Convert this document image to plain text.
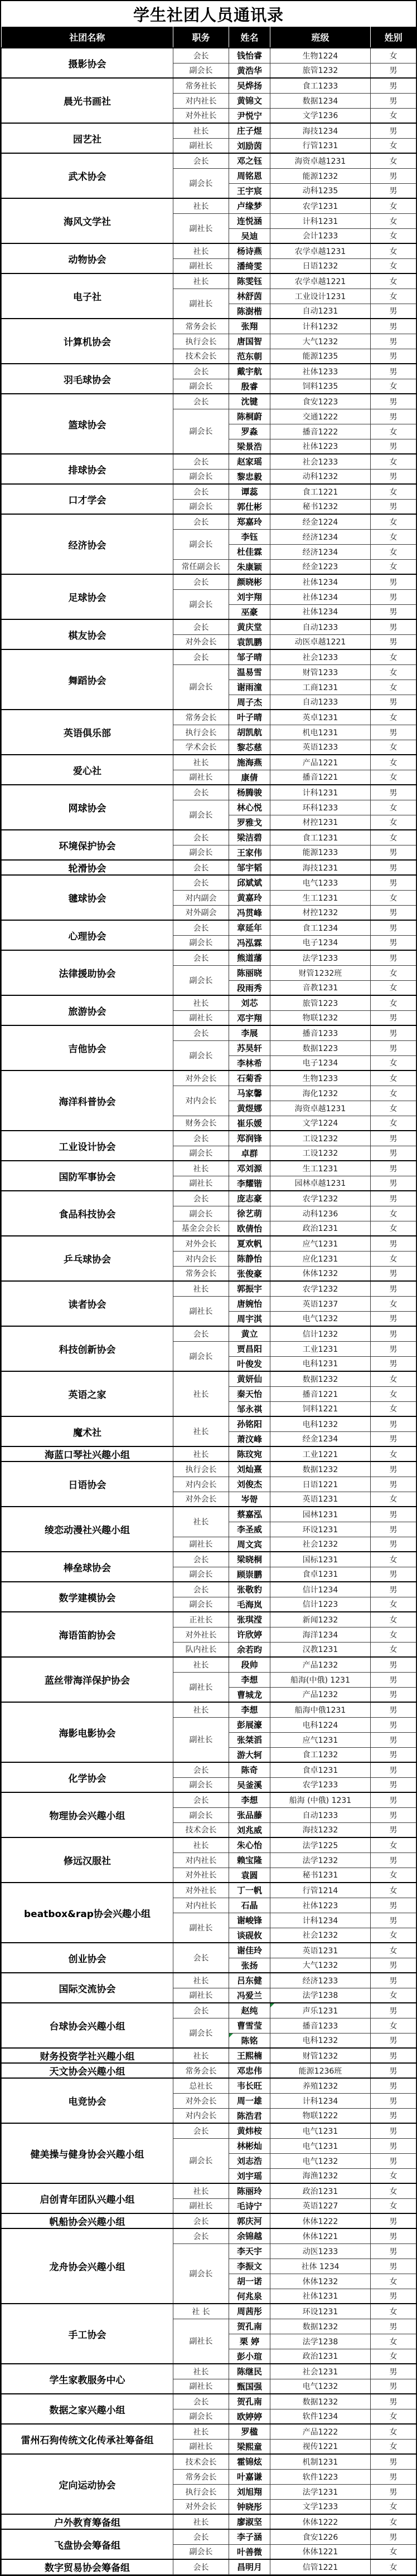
学生社团人员通讯录
社团名称	职务	姓名	班级	姓别
摄影协会	会长	钱怡睿	生物1224	女
	副会长	黄浩华	旅管1232	男
晨光书画社	常务社长	吴烨扬	食工1233	男
	对内社长	黄锦文	数据1234	男
	对外社长	尹悦宁	文学1236	女
园艺社	社长	庄子煜	海技1234	男
	副社长	刘励茵	行管1231	女
武术协会	会长	邓之钰	海资卓越1231	女
	副会长	周铭恩	能源1232	男
		王宇宸	动科1235	男
海风文学社	社长	卢缘梦	农学1231	女
	副社长	连悦涵	计科1231	女
		吴迪	会计1233	女
动物协会	社长	杨诗燕	农学卓越1231	女
	副社长	潘绮雯	日语1232	女
电子社	社长	陈雯钰	农学卓越1221	女
	副社长	林舒茵	工业设计1231	女
		陈澍楷	自动1231	男
计算机协会	常务会长	张翔	计科1232	男
	执行会长	唐国智	大气1232	男
	技术会长	范东朝	能源1235	男
羽毛球协会	会长	戴宇航	社体1233	男
	副会长	殷睿	饲料1235	女
篮球协会	会长	沈键	食安1223	男
	副会长	陈桐蔚	交通1222	男
		罗淼	播音1222	女
		梁景浩	社体1223	男
排球协会	会长	赵家瑶	社会1233	女
	副会长	黎忠毅	动科1232	男
口才学会	会长	谭蕊	食工1221	女
	副会长	郭仕彬	秘书1232	男
经济协会	会长	郑嘉玲	经金1224	女
	副会长	李钰	经济1234	女
		杜佳霖	经济1234	女
	常任副会长	朱康颖	经金1223	女
足球协会	会长	颜晓彬	社体1234	男
	副会长	刘宇翔	社体1234	男
		巫豪	社体1234	男
棋友协会	会长	黄庆堂	自动1233	男
	对外会长	袁凯鹏	动医卓越1221	男
舞蹈协会	会长	邹子晴	社会1233	女
	副会长	温易雪	财管1233	女
		谢雨潼	工商1231	女
		周子杰	自动1233	男
英语俱乐部	常务会长	叶子晴	英卓1231	女
	执行会长	胡凯航	机电1231	男
	学术会长	黎芯慈	英语1233	女
爱心社	社长	施海燕	产品1221	女
	副社长	康倩	播音1221	女
网球协会	会长	杨腾骏	计科1231	男
	副会长	林心悦	环科1233	女
		罗雅戈	材控1231	女
环境保护协会	会长	梁洁碧	食工1231	女
	副会长	王家伟	能源1233	男
轮滑协会	会长	邹宇韬	海技1231	男
毽球协会	会长	邱斌斌	电气1233	男
	对内副会	黄嘉玲	生工1231	女
	对外副会	冯贯峰	材控1232	男
心理协会	会长	章延年	食工1234	男
	副会长	冯泓霖	电子1234	男
法律援助协会	会长	熊道藩	法学1233	男
	副会长	陈丽晓	财管1232班	女
		段雨秀	音教1231	女
旅游协会	社长	刘芯	旅管1223	女
	副社长	邓宇翔	物联1232	男
吉他协会	会长	李展	播音1233	男
	副会长	苏昊轩	数据1223	男
		李林希	电子1234	女
海洋科普协会	对外会长	石菊香	生物1233	女
	对内会长	马家馨	海化1232	女
		黄煜娜	海资卓越1231	女
	财务会长	崔乐媛	文学1224	女
工业设计协会	会长	郑润锋	工设1232	男
	副会长	卓群	工设1232	男
国防军事协会	社长	邓刘源	生工1231	男
	副社长	李耀锴	园林卓越1231	男
食品科技协会	会长	庞志豪	农学1232	男
	副会长	徐艺萌	动科1236	女
	基金会会长	欧倩怡	政治1231	女
乒乓球协会	对外会长	夏欢帆	应气1231	男
	对内会长	陈静怡	应化1231	女
	常务会长	张俊豪	休体1232	男
读者协会	社长	郭振宇	农学1232	男
	副社长	唐婉怡	英语1237	女
		周宇淇	电气1232	男
科技创新协会	会长	黄立	信计1232	男
	副会长	贾昌阳	工业1231	男
		叶俊发	电科1231	男
英语之家	社长	黄妍仙	数据1232	女
		秦天怡	播音1221	女
		邹永祺	饲料1221	女
魔术社	社长	孙铭阳	电科1232	男
		萧汶峰	经金1234	男
海蓝口琴社兴趣小组	社长	陈玟宛	工业1221	女
日语协会	执行会长	刘灿熹	数据1232	男
	对内会长	刘俊杰	日语1221	男
	对外会长	岑哿	英语1231	女
绫恋动漫社兴趣小组	社长	蔡嘉泓	园林1231	男
		李圣威	环设1231	男
	副社长	周文宾	社会1232	男
棒垒球协会	会长	梁晓桐	国标1231	女
	副会长	顾崇鹏	食卓1231	男
数学建模协会	会长	张敬豹	信计1234	男
	副会长	毛海岚	信计1223	女
海语笛韵协会	正社长	张琪滢	新闻1232	女
	对外社长	许欣婷	海洋1234	女
	队内社长	余若昀	汉教1231	女
蓝丝带海洋保护协会	社长	段帅	产品1232	男
	副社长	李想	船海(中俄) 1231	男
		曹城龙	产品1232	男
海影电影协会	社长	李想	船海中俄1231	男
	副社长	彭展濠	电科1224	男
		张桀滔	应气1231	男
		游大轲	食工1232	男
化学协会	会长	陈奇	食卓1231	男
	副会长	吴釜溪	农学1233	男
物理协会兴趣小组	会长	李想	船海 (中俄) 1231	男
	副会长	张品藤	自动1233	男
	技术会长	刘兆威	海技1232	男
修远汉服社	社长	朱心怡	法学1225	女
	对内社长	赖宝隆	法学1232	男
	对外社长	袁圆	秘书1231	女
beatbox&rap协会兴趣小组	对外社长	丁一帆	行管1214	女
	对内社长	石晶	社体1223	男
	副社长	谢峻锋	计科1234	男
		谈砚攸	社会1232	女
创业协会	会长	谢佳玲	英语1231	女
		张扬	大气1232	男
国际交流协会	社长	吕东健	经济1233	男
	副社长	冯爱兰	法学1238	女
台球协会兴趣小组	会长	赵纯	声乐1231	男
	副会长	曹雪莹	播音1233	女
		陈铭	电科1232	男
财务投资学社兴趣小组	社长	王熙楠	财管1232	男
天文协会兴趣小组	常务会长	邓忠伟	能源1236班	男
电竞协会	总社长	韦长旺	养殖1232	男
	对外会长	周一雄	计科1234	男
	对内会长	陈浩君	物联1222	男
健美操与健身协会兴趣小组	会长	黄炜桉	电气1231	男
	副会长	林彬灿	电气1231	男
		刘志浩	电气1232	男
		刘宇瑶	海渔1232	女
启创青年团队兴趣小组	社长	陈丽玲	政治1231	女
	副社长	毛诗宁	英语1227	女
帆船协会兴趣小组	会长	郭庆河	休体1222	男
龙舟协会兴趣小组	会长	余锦越	休体1221	男
	副会长	李天宇	动医1233	男
		李振文	社体 1234	男
		胡一诺	休体1232	女
		何兆泉	社体1231	男
手工协会	社 长	周茜彤	环设1231	女
	副社长	贺孔南	数据1232	男
		栗 婷	法学1238	女
		彭小瑄	政治1231	女
学生家教服务中心	社长	陈继民	社会1231	男
	副社长	甄国强	电气1232	男
数据之家兴趣小组	会长	贺孔南	数据1232	男
	副会长	欧婷婷	软件1234	女
雷州石狗传统文化传承社筹备组	社长	罗楹	产品1222	女
	副社长	梁熙童	视传1221	女
定向运动协会	技术会长	霍锦炫	机制1231	男
	常务会长	叶嘉谦	软件1223	男
	执行会长	刘旭翔	法学1231	男
	对外会长	钟晓彤	文学1233	女
户外教育筹备组	社长	廖淑坚	休体1222	女
飞盘协会筹备组	会长	李子涵	食安1226	男
	副会长	叶善微	休体1221	女
数字贸易协会筹备组	会长	昌明月	信管1221	女
